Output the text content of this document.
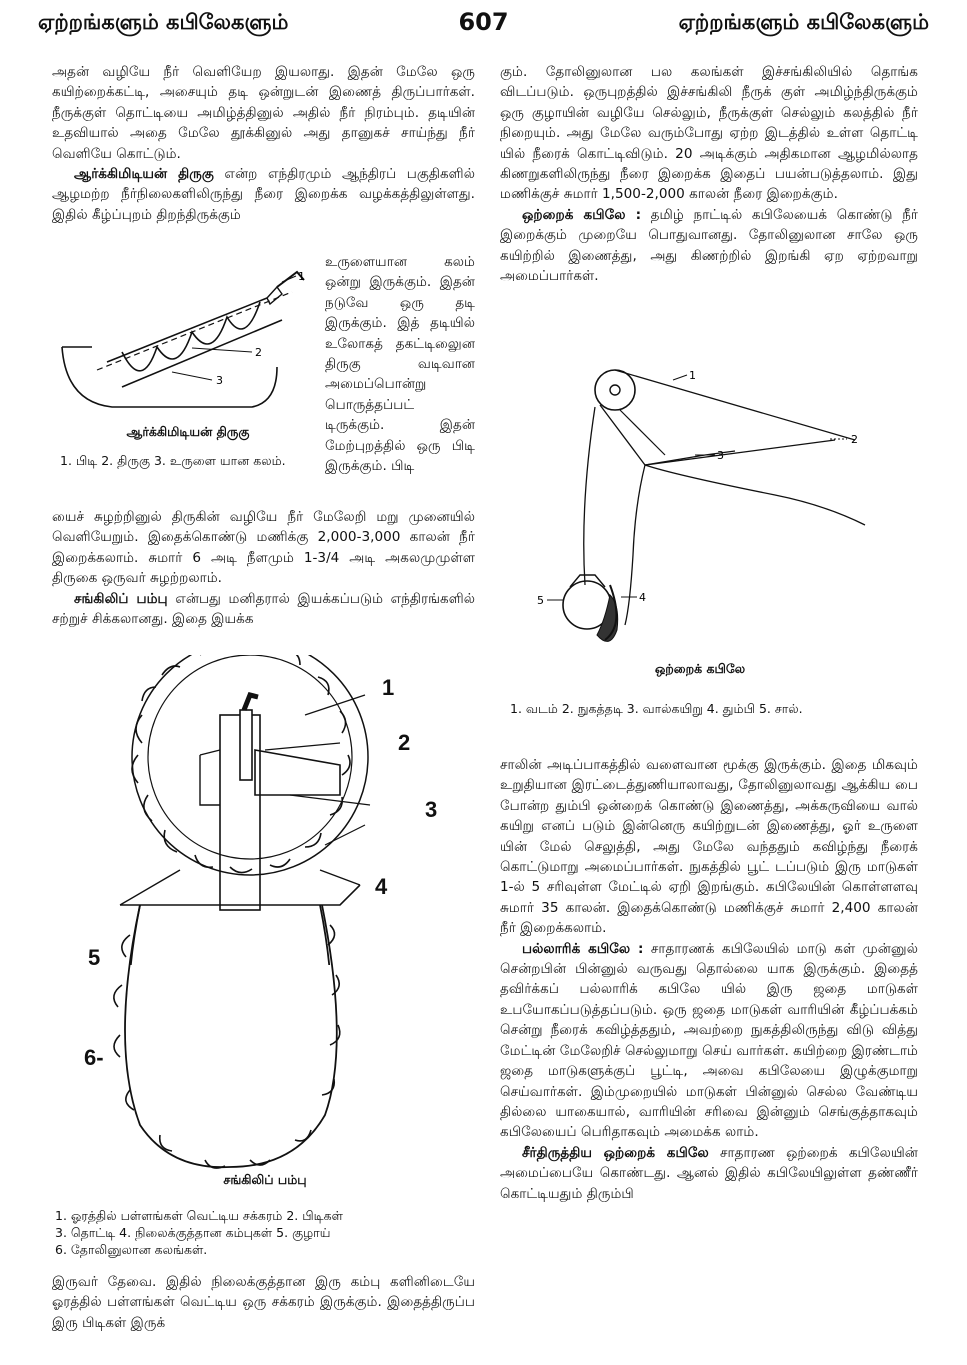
ஏற்றங்களும் கபிலேகளும்	607	ஏற்றங்களும் கபிலேகளும்

அதன் வழியே நீர் வெளியேற இயலாது. இதன் மேலே ஒரு கயிற்றைக்கட்டி, அசையும் தடி ஒன்றுடன் இணைத் திருப்பார்கள். நீருக்குள் தொட்டியை அமிழ்த்தினுல் அதில் நீர் நிரம்பும். தடியின் உதவியால் அதை மேலே தூக்கினுல் அது தானுகச் சாய்ந்து நீர் வெளியே கொட்டும்.

ஆர்க்கிமிடியன் திருகு என்ற எந்திரமும் ஆந்திரப் பகுதிகளில் ஆழமற்ற நீர்நிலைகளிலிருந்து நீரை இறைக்க வழக்கத்திலுள்ளது. இதில் கீழ்ப்புறம் திறந்திருக்கும்

1
2
3
ஆர்க்கிமிடியன் திருகு
1. பிடி 2. திருகு 3. உருளை யான கலம்.

உருளையான கலம் ஒன்று இருக்கும். இதன் நடுவே ஒரு தடி இருக்கும். இத் தடியில் உலோகத் தகட்டிலுைன திருகு வடிவான அமைப்பொன்று பொருத்தப்பட் டிருக்கும். இதன் மேற்புறத்தில் ஒரு பிடி இருக்கும். பிடி

யைச் சுழற்றினுல் திருகின் வழியே நீர் மேலேறி மறு முனையில் வெளியேறும். இதைக்கொண்டு மணிக்கு 2,000-3,000 காலன் நீர் இறைக்கலாம். சுமார் 6 அடி நீளமும் 1-3/4 அடி அகலமுமுள்ள திருகை ஒருவர் சுழற்றலாம்.

சங்கிலிப் பம்பு என்பது மனிதரால் இயக்கப்படும் எந்திரங்களில் சற்றுச் சிக்கலானது. இதை இயக்க

1
2
3
4
5
6-
சங்கிலிப் பம்பு
1. ஓரத்தில் பள்ளங்கள் வெட்டிய சக்கரம் 2. பிடிகள்
3. தொட்டி 4. நிலைக்குத்தான கம்புகள் 5. குழாய்
6. தோலினுலான கலங்கள்.

இருவர் தேவை. இதில் நிலைக்குத்தான இரு கம்பு களினிடையே ஓரத்தில் பள்ளங்கள் வெட்டிய ஒரு சக்கரம் இருக்கும். இதைத்திருப்ப இரு பிடிகள் இருக்

கும். தோலினுலான பல கலங்கள் இச்சங்கிலியில் தொங்க விடப்படும். ஒருபுறத்தில் இச்சங்கிலி நீருக் குள் அமிழ்ந்திருக்கும் ஒரு குழாயின் வழியே செல்லும், நீருக்குள் செல்லும் கலத்தில் நீர் நிறையும். அது மேலே வரும்போது ஏற்ற இடத்தில் உள்ள தொட்டி யில் நீரைக் கொட்டிவிடும். 20 அடிக்கும் அதிகமான ஆழமில்லாத கிணறுகளிலிருந்து நீரை இறைக்க இதைப் பயன்படுத்தலாம். இது மணிக்குச் சுமார் 1,500-2,000 காலன் நீரை இறைக்கும்.

ஒற்றைக் கபிலே : தமிழ் நாட்டில் கபிலேயைக் கொண்டு நீர் இறைக்கும் முறையே பொதுவானது. தோலினுலான சாலே ஒரு கயிற்றில் இணைத்து, அது கிணற்றில் இறங்கி ஏற ஏற்றவாறு அமைப்பார்கள்.

1
2
3
4
5
ஒற்றைக் கபிலே
1. வடம் 2. நுகத்தடி 3. வால்கயிறு 4. தும்பி 5. சால்.

சாலின் அடிப்பாகத்தில் வளைவான மூக்கு இருக்கும். இதை மிகவும் உறுதியான இரட்டைத்துணியாலாவது, தோலினுலாவது ஆக்கிய பை போன்ற தும்பி ஒன்றைக் கொண்டு இணைத்து, அக்கருவியை வால் கயிறு எனப் படும் இன்னெரு கயிற்றுடன் இணைத்து, ஓர் உருளை யின் மேல் செலுத்தி, அது மேலே வந்ததும் கவிழ்ந்து நீரைக் கொட்டுமாறு அமைப்பார்கள். நுகத்தில் பூட் டப்படும் இரு மாடுகள் 1-ல் 5 சரிவுள்ள மேட்டில் ஏறி இறங்கும். கபிலேயின் கொள்ளளவு சுமார் 35 காலன். இதைக்கொண்டு மணிக்குச் சுமார் 2,400 காலன் நீர் இறைக்கலாம்.

பல்லாரிக் கபிலே : சாதாரணக் கபிலேயில் மாடு கள் முன்னுல் சென்றபின் பின்னுல் வருவது தொல்லை யாக இருக்கும். இதைத் தவிர்க்கப் பல்லாரிக் கபிலே யில் இரு ஜதை மாடுகள் உபயோகப்படுத்தப்படும். ஒரு ஜதை மாடுகள் வாரியின் கீழ்ப்பக்கம் சென்று நீரைக் கவிழ்த்ததும், அவற்றை நுகத்திலிருந்து விடு வித்து மேட்டின் மேலேறிச் செல்லுமாறு செய் வார்கள். கயிற்றை இரண்டாம் ஜதை மாடுகளுக்குப் பூட்டி, அவை கபிலேயை இழுக்குமாறு செய்வார்கள். இம்முறையில் மாடுகள் பின்னுல் செல்ல வேண்டிய தில்லை யாகையால், வாரியின் சரிவை இன்னும் செங்குத்தாகவும் கபிலேயைப் பெரிதாகவும் அமைக்க லாம்.

சீர்திருத்திய ஒற்றைக் கபிலே சாதாரண ஒற்றைக் கபிலேயின் அமைப்பையே கொண்டது. ஆனல் இதில் கபிலேயிலுள்ள தண்ணீர் கொட்டியதும் திரும்பி
